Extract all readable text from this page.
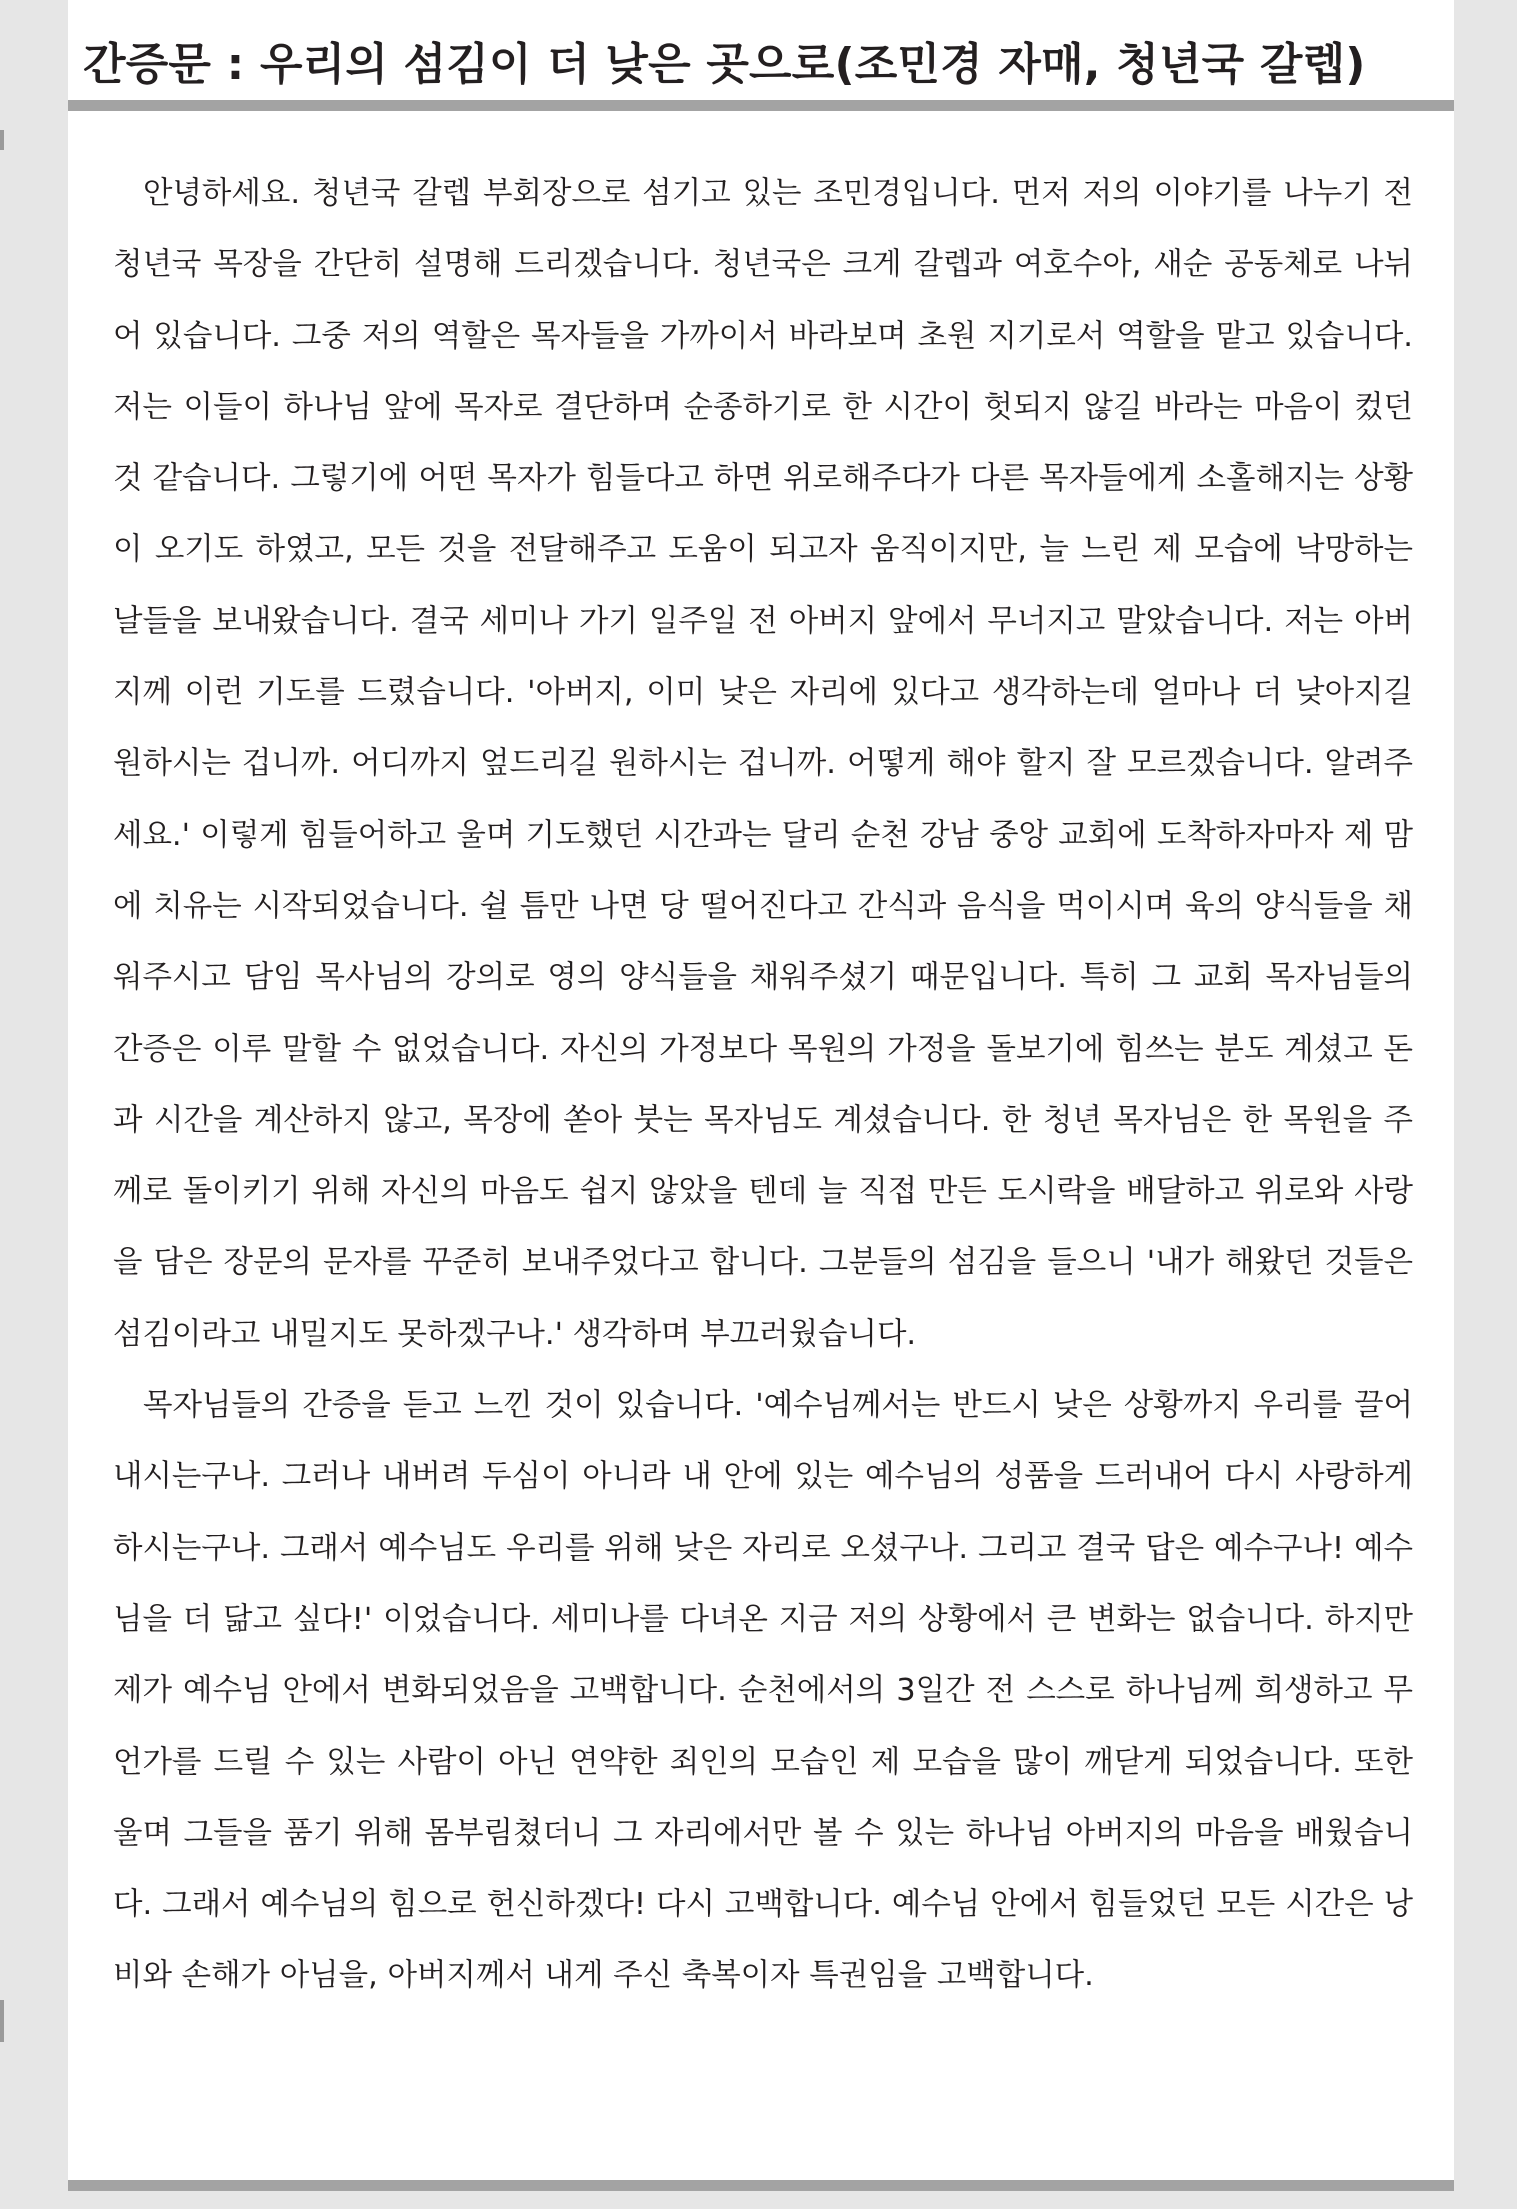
간증문 : 우리의 섬김이 더 낮은 곳으로(조민경 자매, 청년국 갈렙)

안녕하세요. 청년국 갈렙 부회장으로 섬기고 있는 조민경입니다. 먼저 저의 이야기를 나누기 전 청년국 목장을 간단히 설명해 드리겠습니다. 청년국은 크게 갈렙과 여호수아, 새순 공동체로 나뉘어 있습니다. 그중 저의 역할은 목자들을 가까이서 바라보며 초원 지기로서 역할을 맡고 있습니다. 저는 이들이 하나님 앞에 목자로 결단하며 순종하기로 한 시간이 헛되지 않길 바라는 마음이 컸던 것 같습니다. 그렇기에 어떤 목자가 힘들다고 하면 위로해주다가 다른 목자들에게 소홀해지는 상황이 오기도 하였고, 모든 것을 전달해주고 도움이 되고자 움직이지만, 늘 느린 제 모습에 낙망하는 날들을 보내왔습니다. 결국 세미나 가기 일주일 전 아버지 앞에서 무너지고 말았습니다. 저는 아버지께 이런 기도를 드렸습니다. '아버지, 이미 낮은 자리에 있다고 생각하는데 얼마나 더 낮아지길 원하시는 겁니까. 어디까지 엎드리길 원하시는 겁니까. 어떻게 해야 할지 잘 모르겠습니다. 알려주세요.' 이렇게 힘들어하고 울며 기도했던 시간과는 달리 순천 강남 중앙 교회에 도착하자마자 제 맘에 치유는 시작되었습니다. 쉴 틈만 나면 당 떨어진다고 간식과 음식을 먹이시며 육의 양식들을 채워주시고 담임 목사님의 강의로 영의 양식들을 채워주셨기 때문입니다. 특히 그 교회 목자님들의 간증은 이루 말할 수 없었습니다. 자신의 가정보다 목원의 가정을 돌보기에 힘쓰는 분도 계셨고 돈과 시간을 계산하지 않고, 목장에 쏟아 붓는 목자님도 계셨습니다. 한 청년 목자님은 한 목원을 주께로 돌이키기 위해 자신의 마음도 쉽지 않았을 텐데 늘 직접 만든 도시락을 배달하고 위로와 사랑을 담은 장문의 문자를 꾸준히 보내주었다고 합니다. 그분들의 섬김을 들으니 '내가 해왔던 것들은 섬김이라고 내밀지도 못하겠구나.' 생각하며 부끄러웠습니다.

목자님들의 간증을 듣고 느낀 것이 있습니다. '예수님께서는 반드시 낮은 상황까지 우리를 끌어내시는구나. 그러나 내버려 두심이 아니라 내 안에 있는 예수님의 성품을 드러내어 다시 사랑하게 하시는구나. 그래서 예수님도 우리를 위해 낮은 자리로 오셨구나. 그리고 결국 답은 예수구나! 예수님을 더 닮고 싶다!' 이었습니다. 세미나를 다녀온 지금 저의 상황에서 큰 변화는 없습니다. 하지만 제가 예수님 안에서 변화되었음을 고백합니다. 순천에서의 3일간 전 스스로 하나님께 희생하고 무언가를 드릴 수 있는 사람이 아닌 연약한 죄인의 모습인 제 모습을 많이 깨닫게 되었습니다. 또한 울며 그들을 품기 위해 몸부림쳤더니 그 자리에서만 볼 수 있는 하나님 아버지의 마음을 배웠습니다. 그래서 예수님의 힘으로 헌신하겠다! 다시 고백합니다. 예수님 안에서 힘들었던 모든 시간은 낭비와 손해가 아님을, 아버지께서 내게 주신 축복이자 특권임을 고백합니다.
